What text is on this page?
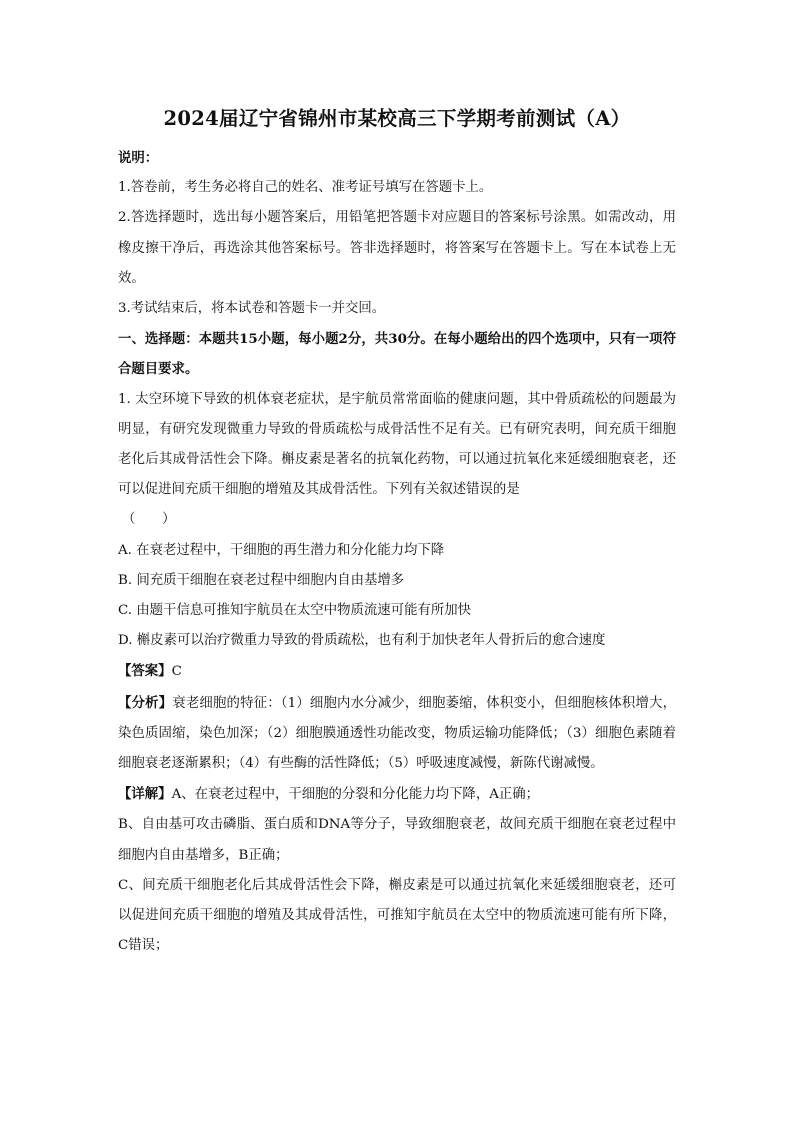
2024届辽宁省锦州市某校高三下学期考前测试（A）

说明：

1.答卷前，考生务必将自己的姓名、准考证号填写在答题卡上。

2.答选择题时，选出每小题答案后，用铅笔把答题卡对应题目的答案标号涂黑。如需改动，用橡皮擦干净后，再选涂其他答案标号。答非选择题时，将答案写在答题卡上。写在本试卷上无效。

3.考试结束后，将本试卷和答题卡一并交回。

一、选择题：本题共15小题，每小题2分，共30分。在每小题给出的四个选项中，只有一项符合题目要求。

1. 太空环境下导致的机体衰老症状，是宇航员常常面临的健康问题，其中骨质疏松的问题最为明显，有研究发现微重力导致的骨质疏松与成骨活性不足有关。已有研究表明，间充质干细胞老化后其成骨活性会下降。槲皮素是著名的抗氧化药物，可以通过抗氧化来延缓细胞衰老，还可以促进间充质干细胞的增殖及其成骨活性。下列有关叙述错误的是

（　　）

A. 在衰老过程中，干细胞的再生潜力和分化能力均下降

B. 间充质干细胞在衰老过程中细胞内自由基增多

C. 由题干信息可推知宇航员在太空中物质流速可能有所加快

D. 槲皮素可以治疗微重力导致的骨质疏松，也有利于加快老年人骨折后的愈合速度

【答案】C

【分析】衰老细胞的特征：（1）细胞内水分减少，细胞萎缩，体积变小，但细胞核体积增大，染色质固缩，染色加深；（2）细胞膜通透性功能改变，物质运输功能降低；（3）细胞色素随着细胞衰老逐渐累积；（4）有些酶的活性降低；（5）呼吸速度减慢，新陈代谢减慢。

【详解】A、在衰老过程中，干细胞的分裂和分化能力均下降，A正确；

B、自由基可攻击磷脂、蛋白质和DNA等分子，导致细胞衰老，故间充质干细胞在衰老过程中细胞内自由基增多，B正确；

C、间充质干细胞老化后其成骨活性会下降，槲皮素是可以通过抗氧化来延缓细胞衰老，还可以促进间充质干细胞的增殖及其成骨活性，可推知宇航员在太空中的物质流速可能有所下降，C错误；
